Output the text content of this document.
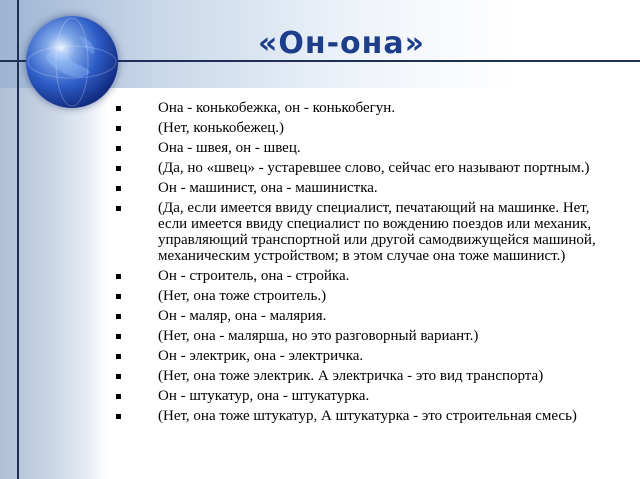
«Он-она»
Она - конькобежка, он - конькобегун.
(Нет, конькобежец.)
Она - швея, он - швец.
(Да, но «швец» - устаревшее слово, сейчас его называют портным.)
Он - машинист, она - машинистка.
(Да, если имеется ввиду специалист, печатающий на машинке. Нет, если имеется ввиду специалист по вождению поездов или механик, управляющий транспортной или другой самодвижущейся машиной, механическим устройством; в этом случае она тоже машинист.)
Он - строитель, она - стройка.
(Нет, она тоже строитель.)
Он - маляр, она - малярия.
(Нет, она - малярша, но это разговорный вариант.)
Он - электрик, она - электричка.
(Нет, она тоже электрик. А электричка - это вид транспорта)
Он - штукатур, она - штукатурка.
(Нет, она тоже штукатур, А штукатурка - это строительная смесь)
